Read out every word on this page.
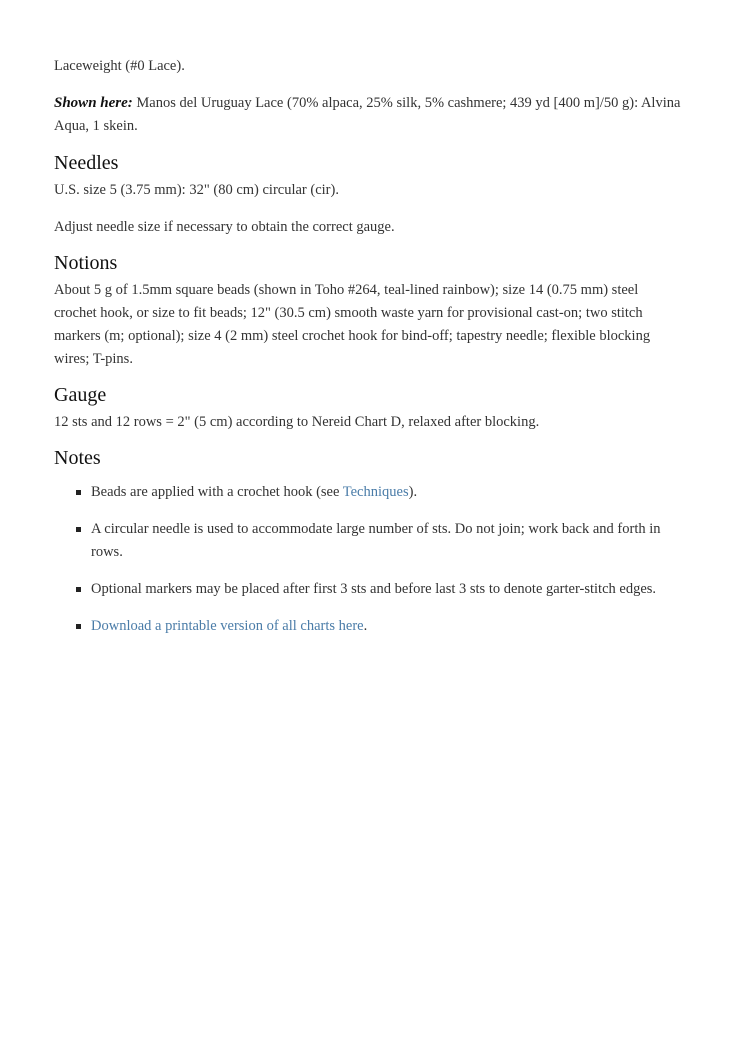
Laceweight (#0 Lace).

Shown here: Manos del Uruguay Lace (70% alpaca, 25% silk, 5% cashmere; 439 yd [400 m]/50 g): Alvina Aqua, 1 skein.

Needles

U.S. size 5 (3.75 mm): 32" (80 cm) circular (cir).

Adjust needle size if necessary to obtain the correct gauge.

Notions

About 5 g of 1.5mm square beads (shown in Toho #264, teal-lined rainbow); size 14 (0.75 mm) steel crochet hook, or size to fit beads; 12" (30.5 cm) smooth waste yarn for provisional cast-on; two stitch markers (m; optional); size 4 (2 mm) steel crochet hook for bind-off; tapestry needle; flexible blocking wires; T-pins.

Gauge

12 sts and 12 rows = 2" (5 cm) according to Nereid Chart D, relaxed after blocking.

Notes
Beads are applied with a crochet hook (see Techniques).
A circular needle is used to accommodate large number of sts. Do not join; work back and forth in rows.
Optional markers may be placed after first 3 sts and before last 3 sts to denote garter-stitch edges.
Download a printable version of all charts here.
